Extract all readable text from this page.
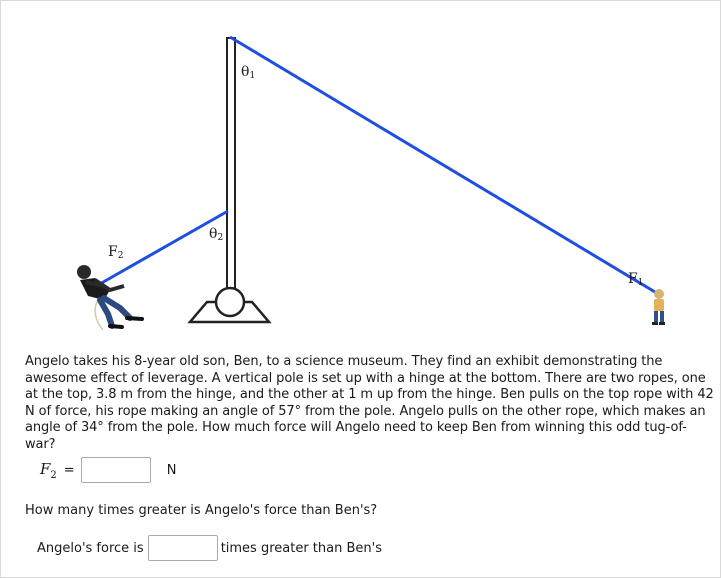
θ1
θ2
F2
F1
Angelo takes his 8-year old son, Ben, to a science museum. They find an exhibit demonstrating the awesome effect of leverage. A vertical pole is set up with a hinge at the bottom. There are two ropes, one at the top, 3.8 m from the hinge, and the other at 1 m up from the hinge. Ben pulls on the top rope with 42 N of force, his rope making an angle of 57° from the pole. Angelo pulls on the other rope, which makes an angle of 34° from the pole. How much force will Angelo need to keep Ben from winning this odd tug-of-war?
$F_2$ =	N
How many times greater is Angelo's force than Ben's?
Angelo's force is	times greater than Ben's
